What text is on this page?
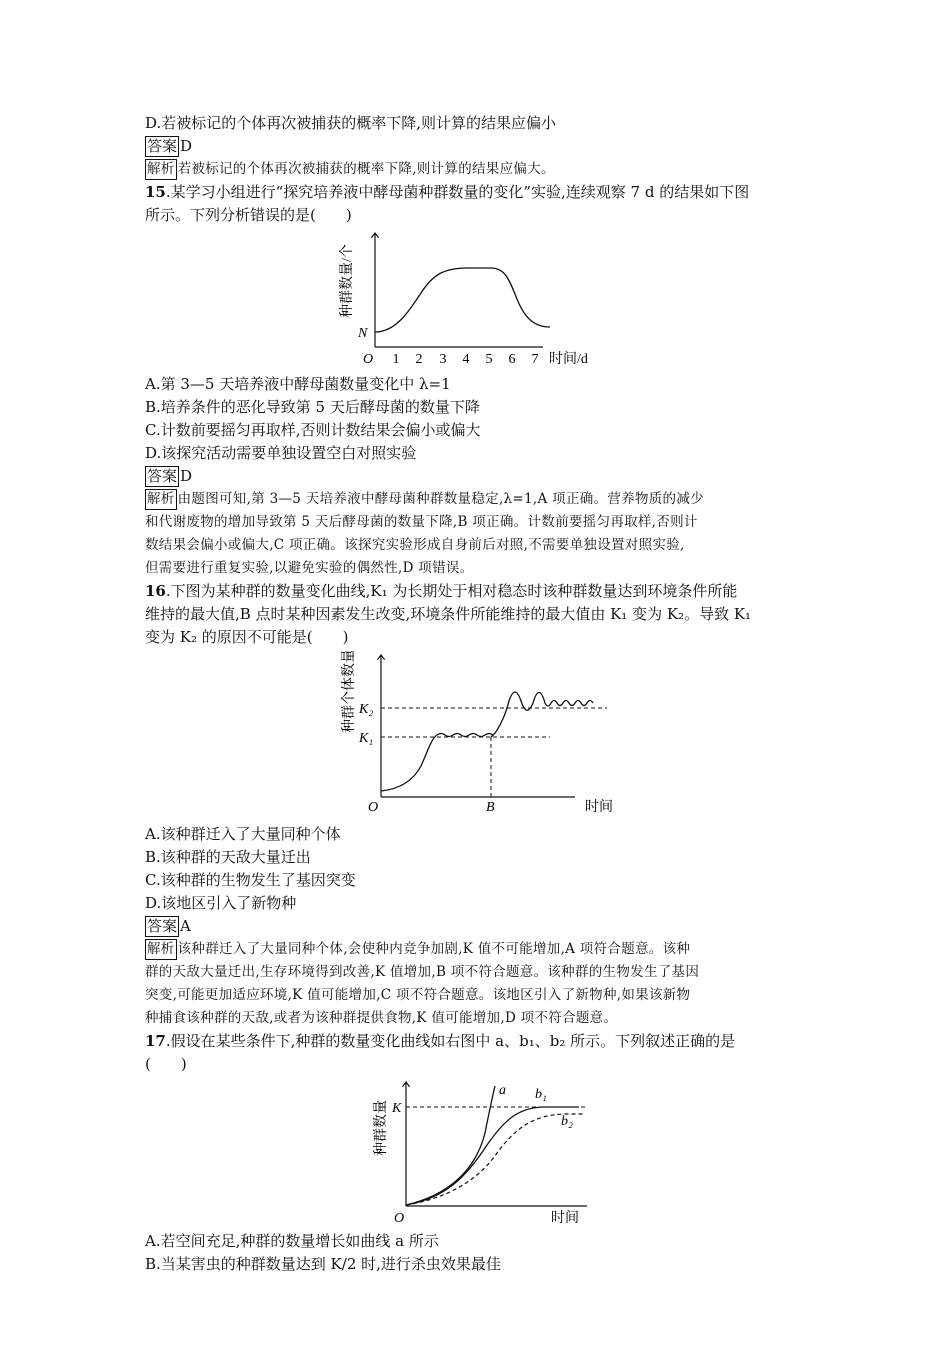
D.若被标记的个体再次被捕获的概率下降,则计算的结果应偏小
答案 D
解析 若被标记的个体再次被捕获的概率下降,则计算的结果应偏大。
15.某学习小组进行“探究培养液中酵母菌种群数量的变化”实验,连续观察 7 d 的结果如下图
所示。下列分析错误的是(　　)
种群数量/个
N
O 1 2 3 4 5 6 7 时间/d
A.第 3—5 天培养液中酵母菌数量变化中 λ=1
B.培养条件的恶化导致第 5 天后酵母菌的数量下降
C.计数前要摇匀再取样,否则计数结果会偏小或偏大
D.该探究活动需要单独设置空白对照实验
答案 D
解析 由题图可知,第 3—5 天培养液中酵母菌种群数量稳定,λ=1,A 项正确。营养物质的减少
和代谢废物的增加导致第 5 天后酵母菌的数量下降,B 项正确。计数前要摇匀再取样,否则计
数结果会偏小或偏大,C 项正确。该探究实验形成自身前后对照,不需要单独设置对照实验,
但需要进行重复实验,以避免实验的偶然性,D 项错误。
16.下图为某种群的数量变化曲线,K₁ 为长期处于相对稳态时该种群数量达到环境条件所能
维持的最大值,B 点时某种因素发生改变,环境条件所能维持的最大值由 K₁ 变为 K₂。导致 K₁
变为 K₂ 的原因不可能是(　　)
种群个体数量 K₂
K₁
O	B	时间
A.该种群迁入了大量同种个体
B.该种群的天敌大量迁出
C.该种群的生物发生了基因突变
D.该地区引入了新物种
答案 A
解析 该种群迁入了大量同种个体,会使种内竞争加剧,K 值不可能增加,A 项符合题意。该种
群的天敌大量迁出,生存环境得到改善,K 值增加,B 项不符合题意。该种群的生物发生了基因
突变,可能更加适应环境,K 值可能增加,C 项不符合题意。该地区引入了新物种,如果该新物
种捕食该种群的天敌,或者为该种群提供食物,K 值可能增加,D 项不符合题意。
17.假设在某些条件下,种群的数量变化曲线如右图中 a、b₁、b₂ 所示。下列叙述正确的是
(　　)
种群数量 K
a b₁
b₂
O	时间
A.若空间充足,种群的数量增长如曲线 a 所示
B.当某害虫的种群数量达到 K/2 时,进行杀虫效果最佳
